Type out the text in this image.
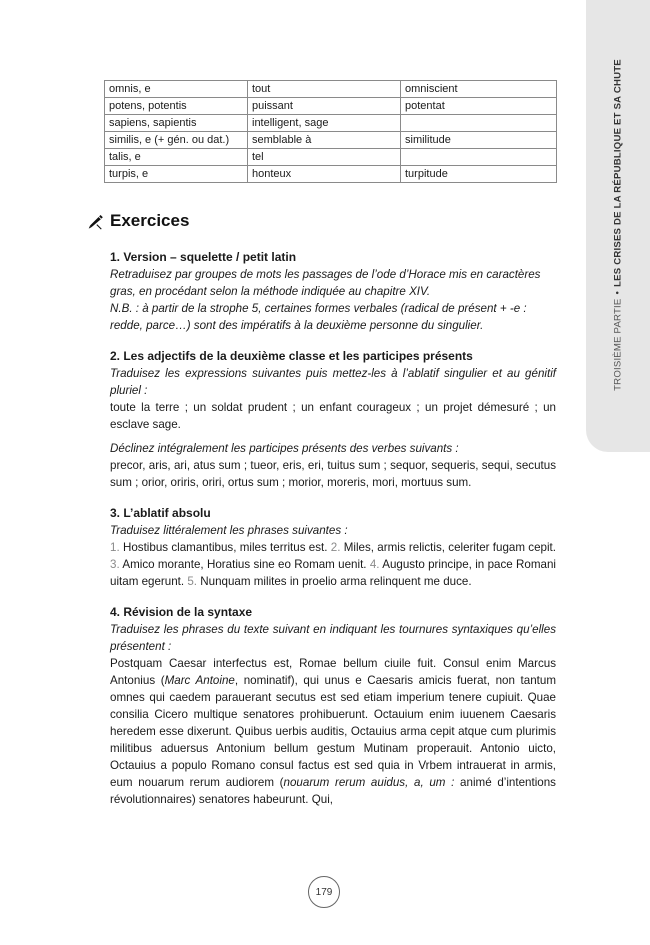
TROISIÈME PARTIE•LES CRISES DE LA RÉPUBLIQUE ET SA CHUTE
omnis, e	tout	omniscient
potens, potentis	puissant	potentat
sapiens, sapientis	intelligent, sage	
similis, e (+ gén. ou dat.)	semblable à	similitude
talis, e	tel	
turpis, e	honteux	turpitude
Exercices
1. Version – squelette / petit latin

Retraduisez par groupes de mots les passages de l’ode d’Horace mis en caractères gras, en procédant selon la méthode indiquée au chapitre XIV.

N.B. : à partir de la strophe 5, certaines formes verbales (radical de présent + -e : redde, parce…) sont des impératifs à la deuxième personne du singulier.

2. Les adjectifs de la deuxième classe et les participes présents

Traduisez les expressions suivantes puis mettez-les à l’ablatif singulier et au génitif pluriel :

toute la terre ; un soldat prudent ; un enfant courageux ; un projet démesuré ; un esclave sage.

Déclinez intégralement les participes présents des verbes suivants :

precor, aris, ari, atus sum ; tueor, eris, eri, tuitus sum ; sequor, sequeris, sequi, secutus sum ; orior, oriris, oriri, ortus sum ; morior, moreris, mori, mortuus sum.

3. L’ablatif absolu

Traduisez littéralement les phrases suivantes :

1. Hostibus clamantibus, miles territus est. 2. Miles, armis relictis, celeriter fugam cepit. 3. Amico morante, Horatius sine eo Romam uenit. 4. Augusto principe, in pace Romani uitam egerunt. 5. Nunquam milites in proelio arma relinquent me duce.

4. Révision de la syntaxe

Traduisez les phrases du texte suivant en indiquant les tournures syntaxiques qu’elles présentent :

Postquam Caesar interfectus est, Romae bellum ciuile fuit. Consul enim Marcus Antonius (Marc Antoine, nominatif), qui unus e Caesaris amicis fuerat, non tantum omnes qui caedem parauerant secutus est sed etiam imperium tenere cupiuit. Quae consilia Cicero multique senatores prohibuerunt. Octauium enim iuuenem Caesaris heredem esse dixerunt. Quibus uerbis auditis, Octauius arma cepit atque cum plurimis militibus aduersus Antonium bellum gestum Mutinam properauit. Antonio uicto, Octauius a populo Romano consul factus est sed quia in Vrbem intrauerat in armis, eum nouarum rerum audiorem (nouarum rerum auidus, a, um : animé d’intentions révolutionnaires) senatores habeurunt. Qui,

179
